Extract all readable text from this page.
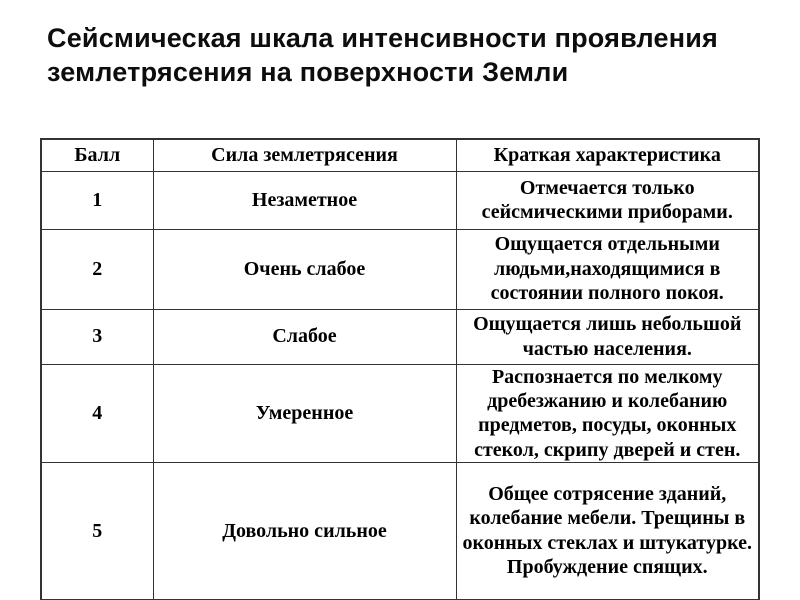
Сейсмическая шкала интенсивности проявления землетрясения на поверхности Земли
Балл	Сила землетрясения	Краткая характеристика
1	Незаметное	Отмечается только сейсмическими приборами.
2	Очень слабое	Ощущается отдельными людьми,находящимися в состоянии полного покоя.
3	Слабое	Ощущается лишь небольшой частью населения.
4	Умеренное	Распознается по мелкому дребезжанию и колебанию предметов, посуды, оконных стекол, скрипу дверей и стен.
5	Довольно сильное	Общее сотрясение зданий, колебание мебели. Трещины в оконных стеклах и штукатурке. Пробуждение спящих.
